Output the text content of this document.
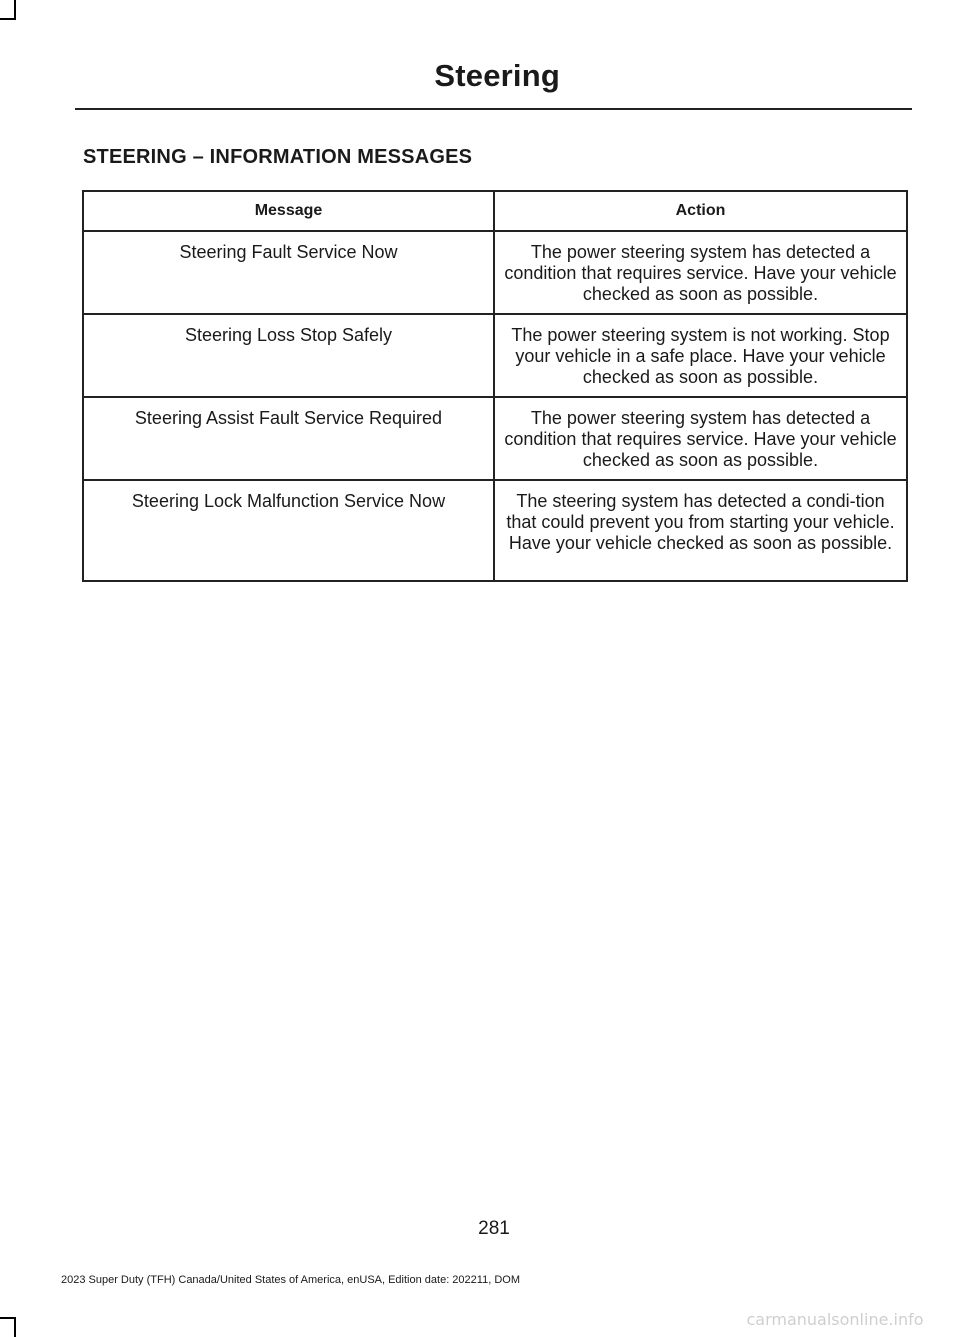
Steering
STEERING – INFORMATION MESSAGES
Message	Action
Steering Fault Service Now	The power steering system has detected a condition that requires service. Have your vehicle checked as soon as possible.
Steering Loss Stop Safely	The power steering system is not working. Stop your vehicle in a safe place. Have your vehicle checked as soon as possible.
Steering Assist Fault Service Required	The power steering system has detected a condition that requires service. Have your vehicle checked as soon as possible.
Steering Lock Malfunction Service Now	The steering system has detected a condi-tion that could prevent you from starting your vehicle. Have your vehicle checked as soon as possible.
281
2023 Super Duty (TFH) Canada/United States of America, enUSA, Edition date: 202211, DOM
carmanualsonline.info
